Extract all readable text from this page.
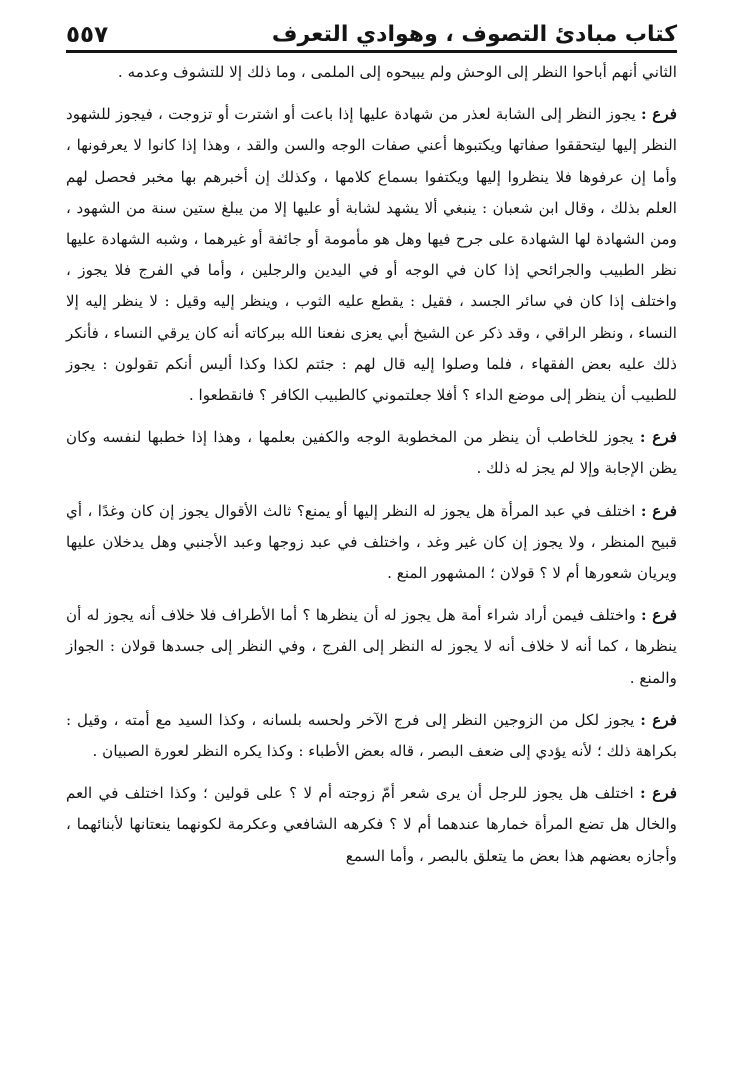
كتاب مبادئ التصوف ، وهوادي التعرف
٥٥٧

الثاني أنهم أباحوا النظر إلى الوحش ولم يبيحوه إلى الملمى ، وما ذلك إلا للتشوف وعدمه .

فرع : يجوز النظر إلى الشابة لعذر من شهادة عليها إذا باعت أو اشترت أو تزوجت ، فيجوز للشهود النظر إليها ليتحققوا صفاتها ويكتبوها أعني صفات الوجه والسن والقد ، وهذا إذا كانوا لا يعرفونها ، وأما إن عرفوها فلا ينظروا إليها ويكتفوا بسماع كلامها ، وكذلك إن أخبرهم بها مخبر فحصل لهم العلم بذلك ، وقال ابن شعبان : ينبغي ألا يشهد لشابة أو عليها إلا من يبلغ ستين سنة من الشهود ، ومن الشهادة لها الشهادة على جرح فيها وهل هو مأمومة أو جائفة أو غيرهما ، وشبه الشهادة عليها نظر الطبيب والجرائحي إذا كان في الوجه أو في اليدين والرجلين ، وأما في الفرج فلا يجوز ، واختلف إذا كان في سائر الجسد ، فقيل : يقطع عليه الثوب ، وينظر إليه وقيل : لا ينظر إليه إلا النساء ، ونظر الراقي ، وقد ذكر عن الشيخ أبي يعزى نفعنا الله ببركاته أنه كان يرقي النساء ، فأنكر ذلك عليه بعض الفقهاء ، فلما وصلوا إليه قال لهم : جئتم لكذا وكذا أليس أنكم تقولون : يجوز للطبيب أن ينظر إلى موضع الداء ؟ أفلا جعلتموني كالطبيب الكافر ؟ فانقطعوا .

فرع : يجوز للخاطب أن ينظر من المخطوبة الوجه والكفين بعلمها ، وهذا إذا خطبها لنفسه وكان يظن الإجابة وإلا لم يجز له ذلك .

فرع : اختلف في عبد المرأة هل يجوز له النظر إليها أو يمنع؟ ثالث الأقوال يجوز إن كان وغدًا ، أي قبيح المنظر ، ولا يجوز إن كان غير وغد ، واختلف في عبد زوجها وعبد الأجنبي وهل يدخلان عليها ويريان شعورها أم لا ؟ قولان ؛ المشهور المنع .

فرع : واختلف فيمن أراد شراء أمة هل يجوز له أن ينظرها ؟ أما الأطراف فلا خلاف أنه يجوز له أن ينظرها ، كما أنه لا خلاف أنه لا يجوز له النظر إلى الفرج ، وفي النظر إلى جسدها قولان : الجواز والمنع .

فرع : يجوز لكل من الزوجين النظر إلى فرج الآخر ولحسه بلسانه ، وكذا السيد مع أمته ، وقيل : بكراهة ذلك ؛ لأنه يؤدي إلى ضعف البصر ، قاله بعض الأطباء : وكذا يكره النظر لعورة الصبيان .

فرع : اختلف هل يجوز للرجل أن يرى شعر أمّ زوجته أم لا ؟ على قولين ؛ وكذا اختلف في العم والخال هل تضع المرأة خمارها عندهما أم لا ؟ فكرهه الشافعي وعكرمة لكونهما ينعتانها لأبنائهما ، وأجازه بعضهم هذا بعض ما يتعلق بالبصر ، وأما السمع
